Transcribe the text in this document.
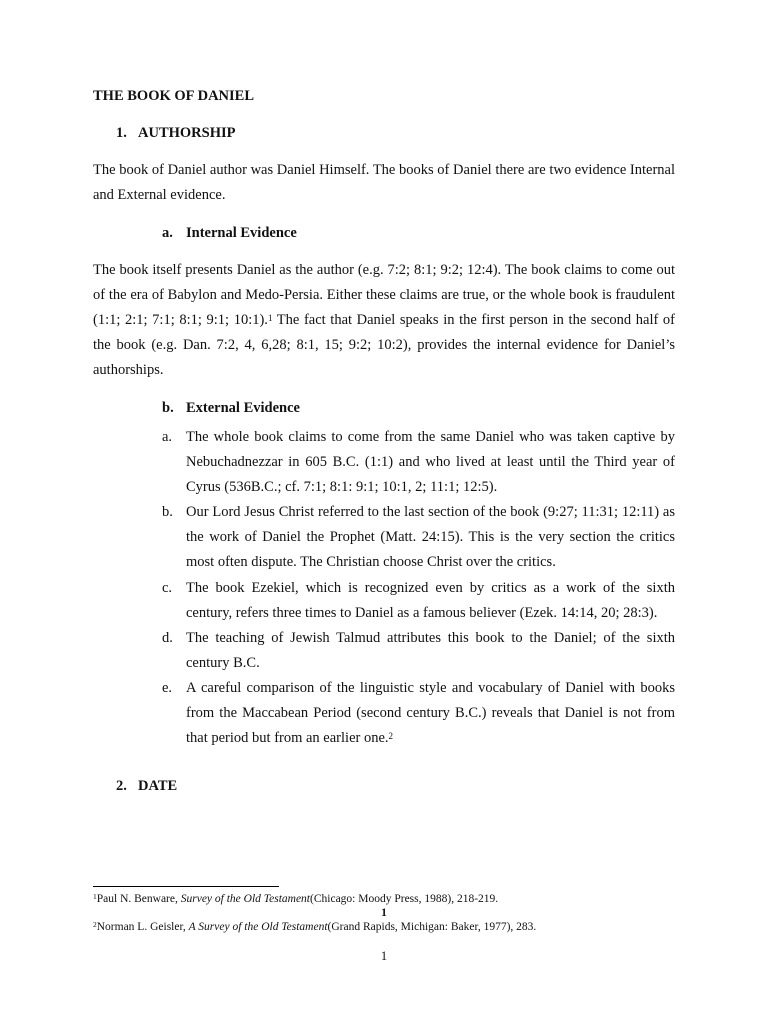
THE BOOK OF DANIEL
1. AUTHORSHIP

The book of Daniel author was Daniel Himself. The books of Daniel there are two evidence Internal and External evidence.

a. Internal Evidence

The book itself presents Daniel as the author (e.g. 7:2; 8:1; 9:2; 12:4). The book claims to come out of the era of Babylon and Medo-Persia. Either these claims are true, or the whole book is fraudulent (1:1; 2:1; 7:1; 8:1; 9:1; 10:1).$^1$ The fact that Daniel speaks in the first person in the second half of the book (e.g. Dan. 7:2, 4, 6,28; 8:1, 15; 9:2; 10:2), provides the internal evidence for Daniel’s authorships.

b. External Evidence
a. The whole book claims to come from the same Daniel who was taken captive by Nebuchadnezzar in 605 B.C. (1:1) and who lived at least until the Third year of Cyrus (536B.C.; cf. 7:1; 8:1: 9:1; 10:1, 2; 11:1; 12:5).
b. Our Lord Jesus Christ referred to the last section of the book (9:27; 11:31; 12:11) as the work of Daniel the Prophet (Matt. 24:15). This is the very section the critics most often dispute. The Christian choose Christ over the critics.
c. The book Ezekiel, which is recognized even by critics as a work of the sixth century, refers three times to Daniel as a famous believer (Ezek. 14:14, 20; 28:3).
d. The teaching of Jewish Talmud attributes this book to the Daniel; of the sixth century B.C.
e. A careful comparison of the linguistic style and vocabulary of Daniel with books from the Maccabean Period (second century B.C.) reveals that Daniel is not from that period but from an earlier one.$^2$
2. DATE
$^1$Paul N. Benware, Survey of the Old Testament(Chicago: Moody Press, 1988), 218-219.
1
$^2$Norman L. Geisler, A Survey of the Old Testament(Grand Rapids, Michigan: Baker, 1977), 283.
1
